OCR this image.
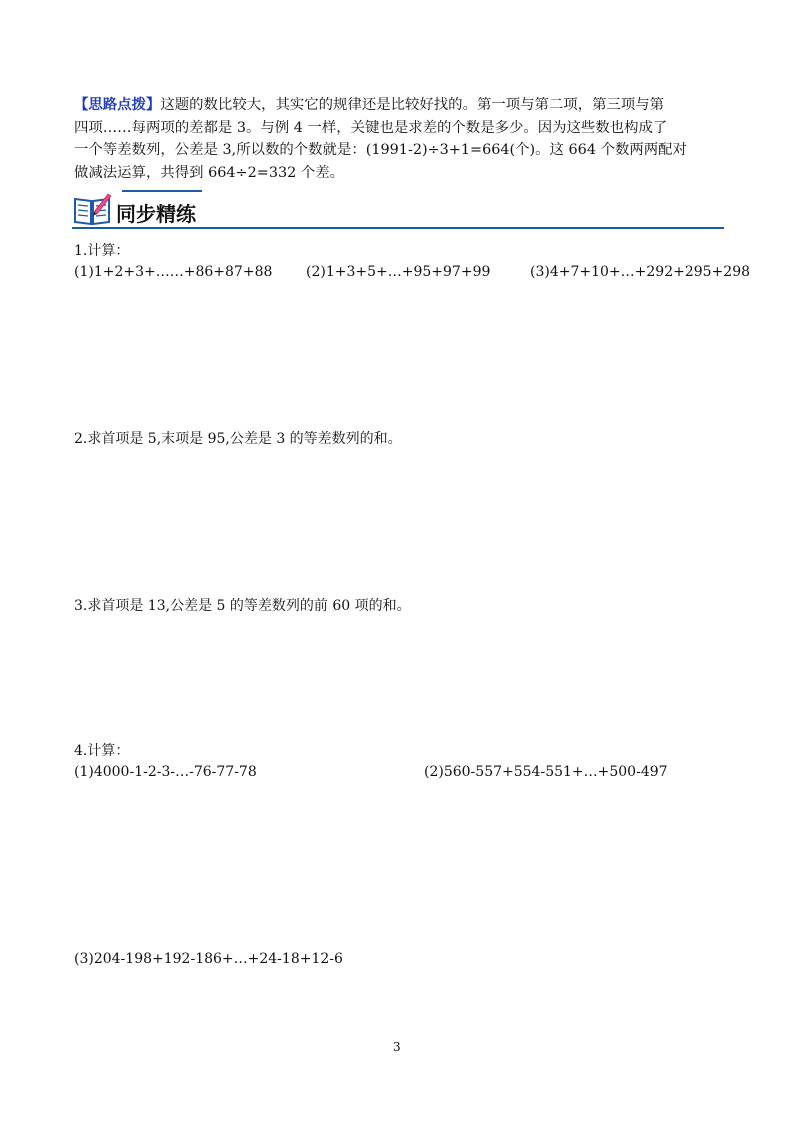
【思路点拨】这题的数比较大，其实它的规律还是比较好找的。第一项与第二项，第三项与第
四项……每两项的差都是 3。与例 4 一样，关键也是求差的个数是多少。因为这些数也构成了
一个等差数列，公差是 3,所以数的个数就是：(1991-2)÷3+1=664(个)。这 664 个数两两配对
做减法运算，共得到 664÷2=332 个差。
同步精练
1.计算：
(1)1+2+3+……+86+87+88 (2)1+3+5+…+95+97+99	(3)4+7+10+…+292+295+298
2.求首项是 5,末项是 95,公差是 3 的等差数列的和。
3.求首项是 13,公差是 5 的等差数列的前 60 项的和。
4.计算：
(1)4000-1-2-3-…-76-77-78	(2)560-557+554-551+…+500-497
(3)204-198+192-186+…+24-18+12-6
3
